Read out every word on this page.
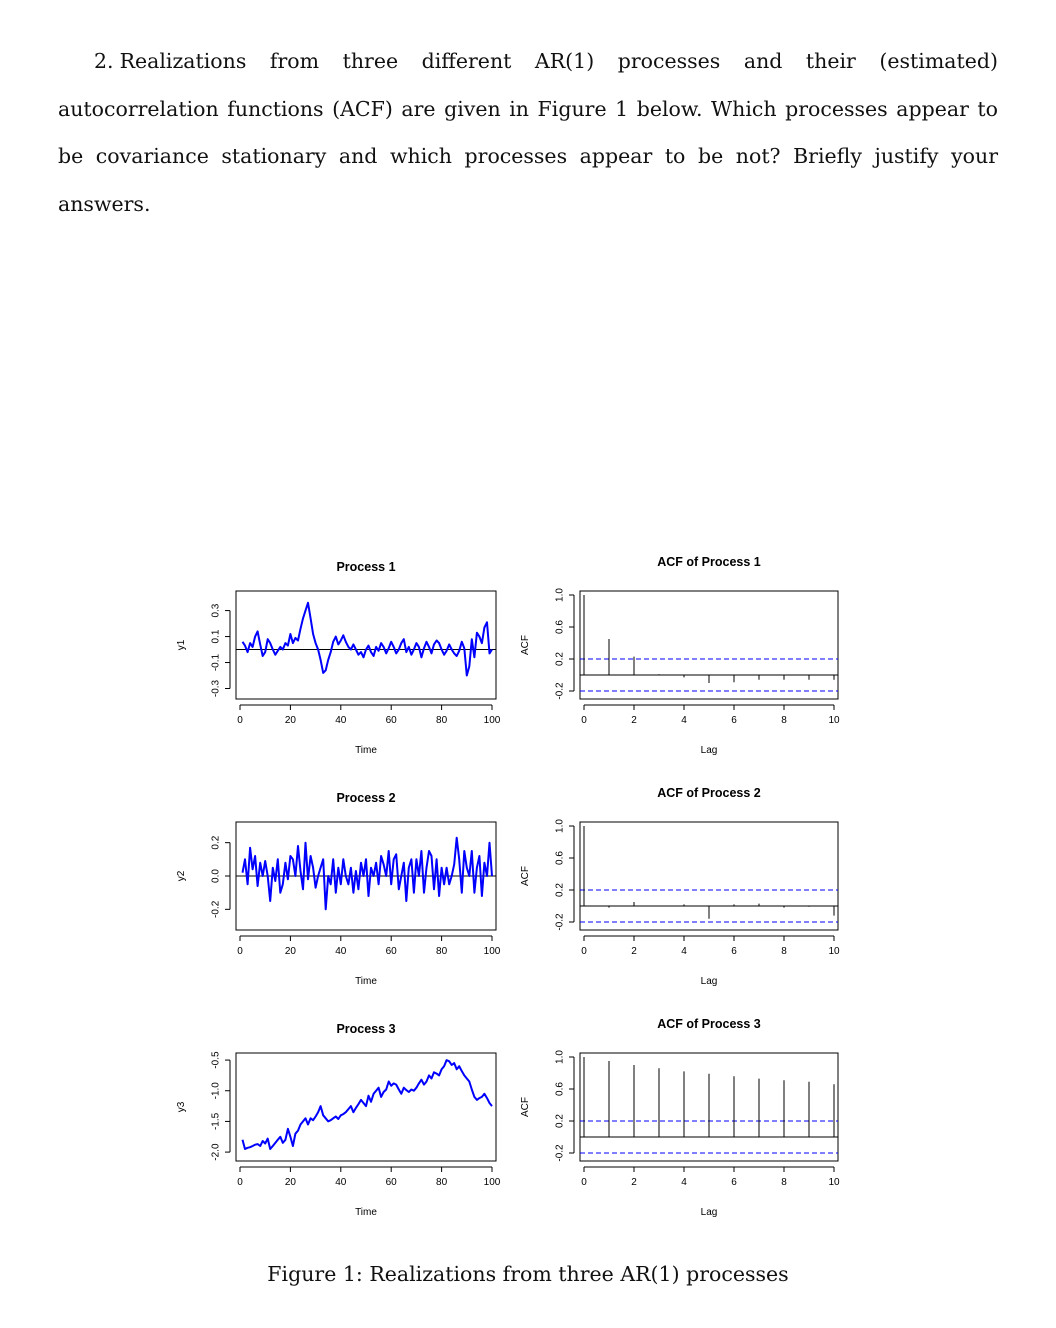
2. Realizations from three different AR(1) processes and their (estimated) autocorrelation functions (ACF) are given in Figure 1 below. Which processes appear to be covariance stationary and which processes appear to be not? Briefly justify your answers.

Process 1
0	20	40	60	80	100
Time
-0.3
-0.1
0.1
0.3
y1
ACF of Process 1
0	2	4	6	8	10
Lag
-0.2
0.2
0.6
1.0
ACF
Process 2
0	20	40	60	80	100
Time
-0.2
0.0
0.2
y2
ACF of Process 2
0	2	4	6	8	10
Lag
-0.2
0.2
0.6
1.0
ACF
Process 3
0	20	40	60	80	100
Time
-2.0
-1.5
-1.0
-0.5
y3
ACF of Process 3
0	2	4	6	8	10
Lag
-0.2
0.2
0.6
1.0
ACF
Figure 1: Realizations from three AR(1) processes
